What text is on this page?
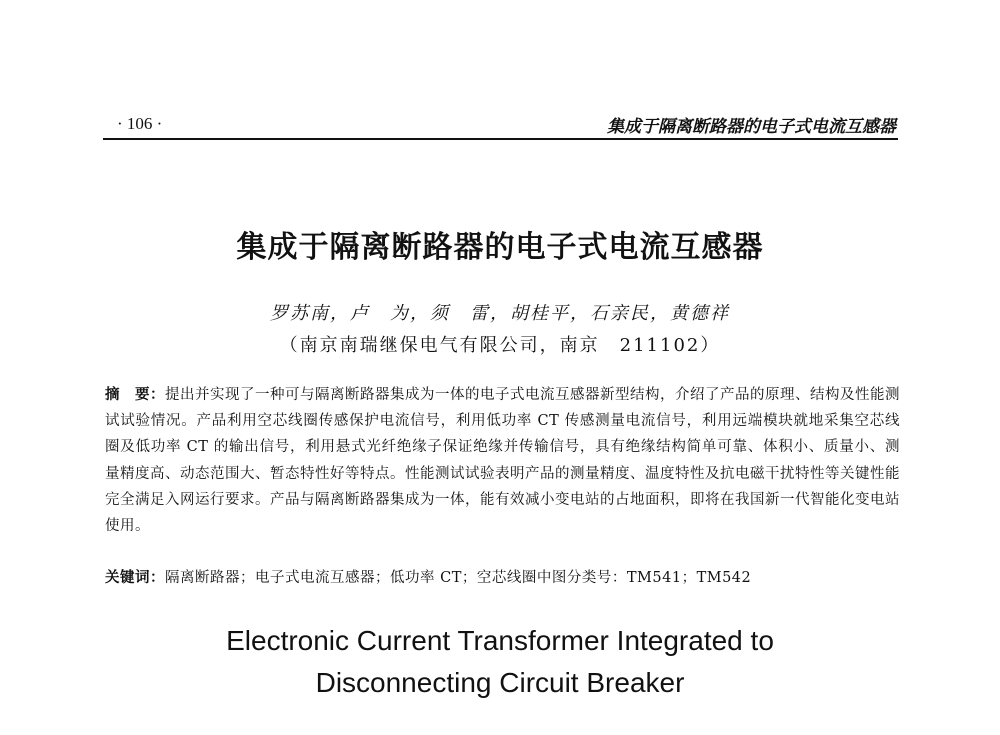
· 106 ·	集成于隔离断路器的电子式电流互感器
集成于隔离断路器的电子式电流互感器
罗苏南，卢　为，须　雷，胡桂平，石亲民，黄德祥
（南京南瑞继保电气有限公司，南京　211102）
摘　要：提出并实现了一种可与隔离断路器集成为一体的电子式电流互感器新型结构，介绍了产品的原理、结构及性能测试试验情况。产品利用空芯线圈传感保护电流信号，利用低功率 CT 传感测量电流信号，利用远端模块就地采集空芯线圈及低功率 CT 的输出信号，利用悬式光纤绝缘子保证绝缘并传输信号，具有绝缘结构简单可靠、体积小、质量小、测量精度高、动态范围大、暂态特性好等特点。性能测试试验表明产品的测量精度、温度特性及抗电磁干扰特性等关键性能完全满足入网运行要求。产品与隔离断路器集成为一体，能有效减小变电站的占地面积，即将在我国新一代智能化变电站使用。
关键词：隔离断路器；电子式电流互感器；低功率 CT；空芯线圈中图分类号：TM541；TM542
Electronic Current Transformer Integrated to
Disconnecting Circuit Breaker
